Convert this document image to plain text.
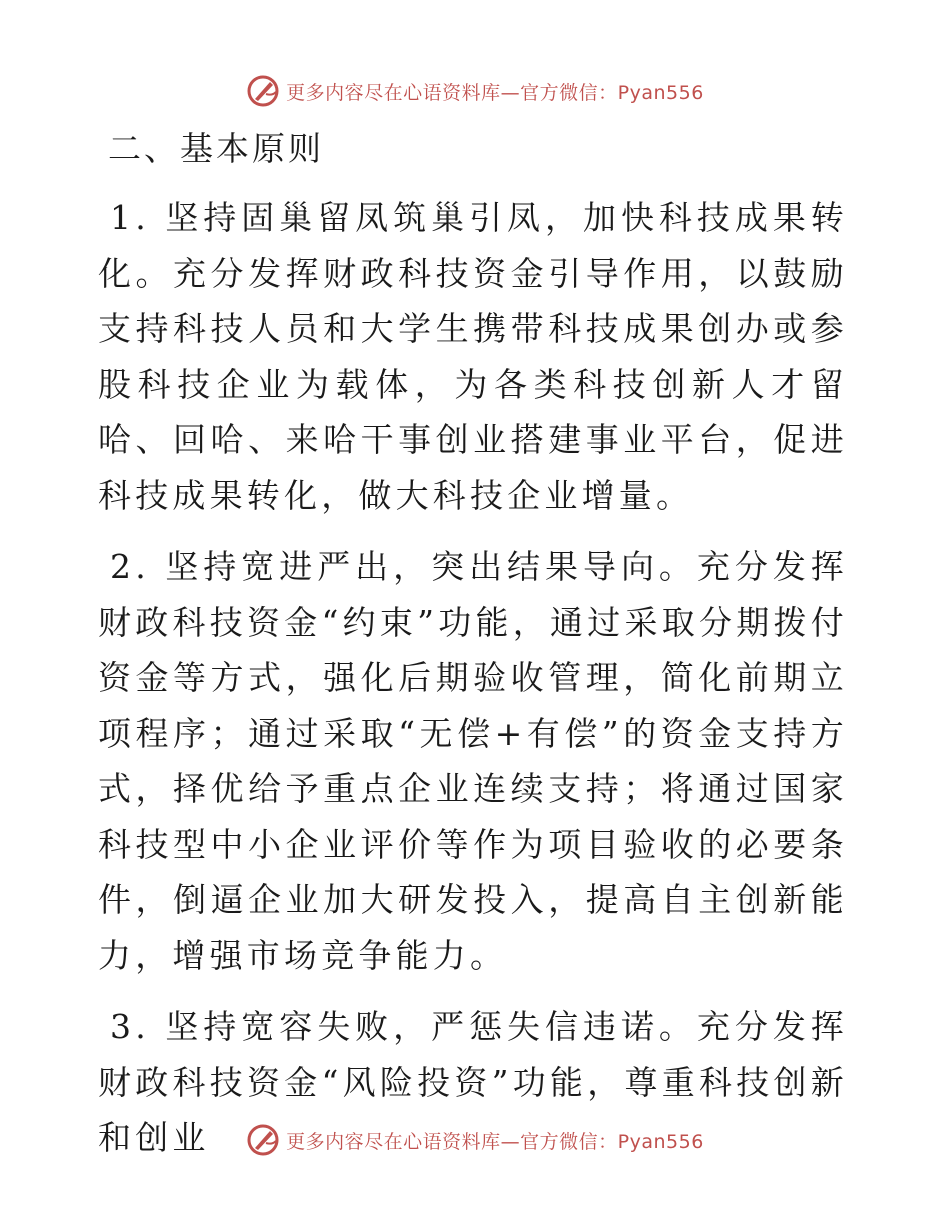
更多内容尽在心语资料库—官方微信：Pyan556
二、基本原则

1. 坚持固巢留凤筑巢引凤，加快科技成果转化。充分发挥财政科技资金引导作用，以鼓励支持科技人员和大学生携带科技成果创办或参股科技企业为载体，为各类科技创新人才留哈、回哈、来哈干事创业搭建事业平台，促进科技成果转化，做大科技企业增量。

2. 坚持宽进严出，突出结果导向。充分发挥财政科技资金“约束”功能，通过采取分期拨付资金等方式，强化后期验收管理，简化前期立项程序；通过采取“无偿+有偿”的资金支持方式，择优给予重点企业连续支持；将通过国家科技型中小企业评价等作为项目验收的必要条件，倒逼企业加大研发投入，提高自主创新能力，增强市场竞争能力。

3. 坚持宽容失败，严惩失信违诺。充分发挥财政科技资金“风险投资”功能，尊重科技创新和创业	更多内容尽在心语资料库—官方微信：Pyan556
